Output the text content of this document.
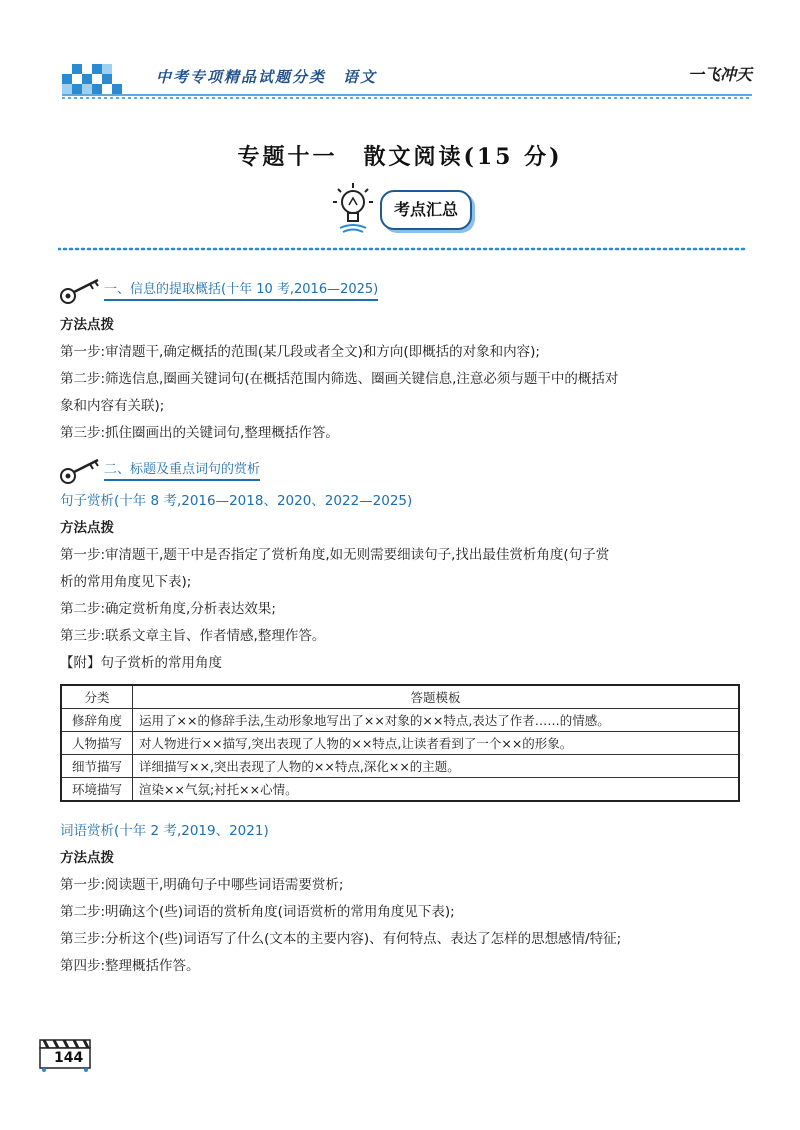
中考专项精品试题分类　语文	一飞冲天
专题十一 散文阅读(15 分)
考点汇总
一、信息的提取概括(十年 10 考,2016—2025)

方法点拨

第一步:审清题干,确定概括的范围(某几段或者全文)和方向(即概括的对象和内容);

第二步:筛选信息,圈画关键词句(在概括范围内筛选、圈画关键信息,注意必须与题干中的概括对

象和内容有关联);

第三步:抓住圈画出的关键词句,整理概括作答。

二、标题及重点词句的赏析

句子赏析(十年 8 考,2016—2018、2020、2022—2025)

方法点拨

第一步:审清题干,题干中是否指定了赏析角度,如无则需要细读句子,找出最佳赏析角度(句子赏

析的常用角度见下表);

第二步:确定赏析角度,分析表达效果;

第三步:联系文章主旨、作者情感,整理作答。

【附】句子赏析的常用角度

分类	答题模板
修辞角度	运用了××的修辞手法,生动形象地写出了××对象的××特点,表达了作者……的情感。
人物描写	对人物进行××描写,突出表现了人物的××特点,让读者看到了一个××的形象。
细节描写	详细描写××,突出表现了人物的××特点,深化××的主题。
环境描写	渲染××气氛;衬托××心情。

词语赏析(十年 2 考,2019、2021)

方法点拨

第一步:阅读题干,明确句子中哪些词语需要赏析;

第二步:明确这个(些)词语的赏析角度(词语赏析的常用角度见下表);

第三步:分析这个(些)词语写了什么(文本的主要内容)、有何特点、表达了怎样的思想感情/特征;

第四步:整理概括作答。

144
